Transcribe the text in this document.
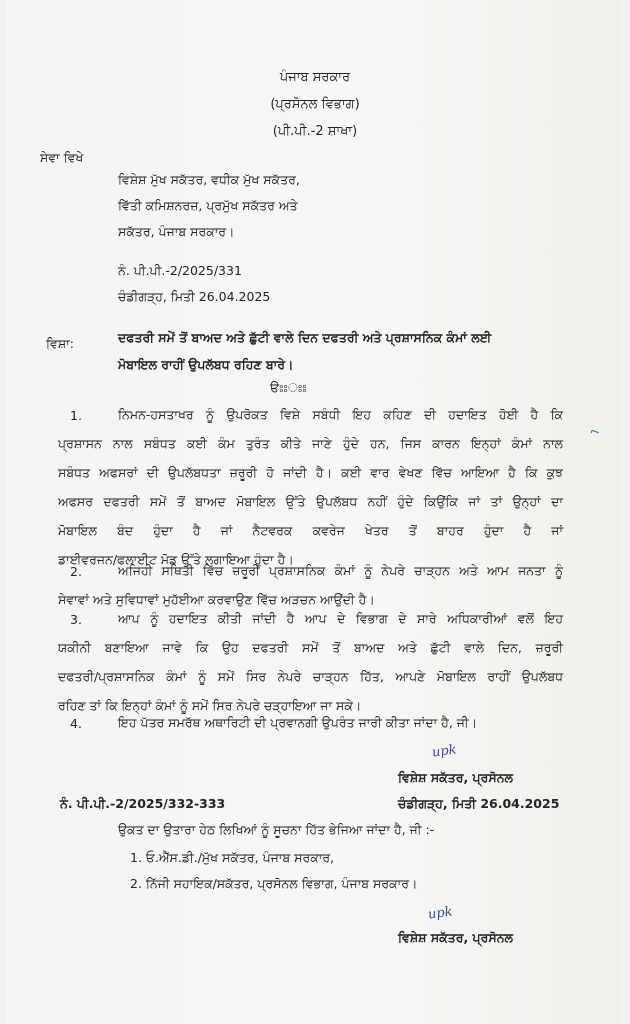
ਪੰਜਾਬ ਸਰਕਾਰ
(ਪ੍ਰਸੋਨਲ ਵਿਭਾਗ)
(ਪੀ.ਪੀ.-2 ਸ਼ਾਖਾ)
ਸੇਵਾ ਵਿਖੇ
ਵਿਸ਼ੇਸ਼ ਮੁੱਖ ਸਕੱਤਰ, ਵਧੀਕ ਮੁੱਖ ਸਕੱਤਰ,
ਵਿੱਤੀ ਕਮਿਸ਼ਨਰਜ਼, ਪ੍ਰਮੁੱਖ ਸਕੱਤਰ ਅਤੇ
ਸਕੱਤਰ, ਪੰਜਾਬ ਸਰਕਾਰ।
ਨੰ. ਪੀ.ਪੀ.-2/2025/331
ਚੰਡੀਗੜ੍ਹ, ਮਿਤੀ 26.04.2025
ਵਿਸ਼ਾ:	ਦਫਤਰੀ ਸਮੇਂ ਤੋਂ ਬਾਅਦ ਅਤੇ ਛੁੱਟੀ ਵਾਲੇ ਦਿਨ ਦਫਤਰੀ ਅਤੇ ਪ੍ਰਸ਼ਾਸਨਿਕ ਕੰਮਾਂ ਲਈ
ਮੋਬਾਇਲ ਰਾਹੀਂ ਉਪਲੱਬਧ ਰਹਿਣ ਬਾਰੇ।
ੳਃਃਃਃ
1.	ਨਿਮਨ-ਹਸਤਾਖਰ ਨੂੰ ਉਪਰੋਕਤ ਵਿਸ਼ੇ ਸਬੰਧੀ ਇਹ ਕਹਿਣ ਦੀ ਹਦਾਇਤ ਹੋਈ ਹੈ ਕਿ
ਪ੍ਰਸ਼ਾਸਨ ਨਾਲ ਸਬੰਧਤ ਕਈ ਕੰਮ ਤੁਰੰਤ ਕੀਤੇ ਜਾਣੇ ਹੁੰਦੇ ਹਨ, ਜਿਸ ਕਾਰਨ ਇਨ੍ਹਾਂ ਕੰਮਾਂ ਨਾਲ
ਸਬੰਧਤ ਅਫਸਰਾਂ ਦੀ ਉਪਲੱਬਧਤਾ ਜ਼ਰੂਰੀ ਹੋ ਜਾਂਦੀ ਹੈ। ਕਈ ਵਾਰ ਵੇਖਣ ਵਿੱਚ ਆਇਆ ਹੈ ਕਿ ਕੁਝ
ਅਫਸਰ ਦਫਤਰੀ ਸਮੇਂ ਤੋਂ ਬਾਅਦ ਮੋਬਾਇਲ ਉੱਤੇ ਉਪਲੱਬਧ ਨਹੀਂ ਹੁੰਦੇ ਕਿਉਂਕਿ ਜਾਂ ਤਾਂ ਉਨ੍ਹਾਂ ਦਾ
ਮੋਬਾਇਲ ਬੰਦ ਹੁੰਦਾ ਹੈ ਜਾਂ ਨੈਟਵਰਕ ਕਵਰੇਜ ਖੇਤਰ ਤੋਂ ਬਾਹਰ ਹੁੰਦਾ ਹੈ ਜਾਂ
ਡਾਈਵਰਜਨ/ਫਲਾਈਟ ਮੋਡ ਉੱਤੇ ਲਗਾਇਆ ਹੁੰਦਾ ਹੈ।
⌐
2.	ਅਜਿਹੀ ਸਥਿਤੀ ਵਿੱਚ ਜ਼ਰੂਰੀ ਪ੍ਰਸ਼ਾਸਨਿਕ ਕੰਮਾਂ ਨੂੰ ਨੇਪਰੇ ਚਾੜ੍ਹਨ ਅਤੇ ਆਮ ਜਨਤਾ ਨੂੰ
ਸੇਵਾਵਾਂ ਅਤੇ ਸੁਵਿਧਾਵਾਂ ਮੁਹੱਈਆ ਕਰਵਾਉਣ ਵਿੱਚ ਅੜਚਨ ਆਉਂਦੀ ਹੈ।
3.	ਆਪ ਨੂੰ ਹਦਾਇਤ ਕੀਤੀ ਜਾਂਦੀ ਹੈ ਆਪ ਦੇ ਵਿਭਾਗ ਦੇ ਸਾਰੇ ਅਧਿਕਾਰੀਆਂ ਵਲੋਂ ਇਹ
ਯਕੀਨੀ ਬਣਾਇਆ ਜਾਵੇ ਕਿ ਉਹ ਦਫਤਰੀ ਸਮੇਂ ਤੋਂ ਬਾਅਦ ਅਤੇ ਛੁੱਟੀ ਵਾਲੇ ਦਿਨ, ਜ਼ਰੂਰੀ
ਦਫਤਰੀ/ਪ੍ਰਸ਼ਾਸਨਿਕ ਕੰਮਾਂ ਨੂੰ ਸਮੇਂ ਸਿਰ ਨੇਪਰੇ ਚਾੜ੍ਹਨ ਹਿੱਤ, ਆਪਣੇ ਮੋਬਾਇਲ ਰਾਹੀਂ ਉਪਲੱਬਧ
ਰਹਿਣ ਤਾਂ ਕਿ ਇਨ੍ਹਾਂ ਕੰਮਾਂ ਨੂੰ ਸਮੇਂ ਸਿਰ ਨੇਪਰੇ ਚੜ੍ਹਾਇਆ ਜਾ ਸਕੇ।
4.	ਇਹ ਪੱਤਰ ਸਮਰੱਥ ਅਥਾਰਿਟੀ ਦੀ ਪ੍ਰਵਾਨਗੀ ਉਪਰੰਤ ਜਾਰੀ ਕੀਤਾ ਜਾਂਦਾ ਹੈ, ਜੀ।
upk
ਵਿਸ਼ੇਸ਼ ਸਕੱਤਰ, ਪ੍ਰਸੋਨਲ
ਚੰਡੀਗੜ੍ਹ, ਮਿਤੀ 26.04.2025
ਨੰ. ਪੀ.ਪੀ.-2/2025/332-333
ਉਕਤ ਦਾ ਉਤਾਰਾ ਹੇਠ ਲਿਖਿਆਂ ਨੂੰ ਸੂਚਨਾ ਹਿੱਤ ਭੇਜਿਆ ਜਾਂਦਾ ਹੈ, ਜੀ :-
1. ਓ.ਐੱਸ.ਡੀ./ਮੁੱਖ ਸਕੱਤਰ, ਪੰਜਾਬ ਸਰਕਾਰ,
2. ਨਿੱਜੀ ਸਹਾਇਕ/ਸਕੱਤਰ, ਪ੍ਰਸੋਨਲ ਵਿਭਾਗ, ਪੰਜਾਬ ਸਰਕਾਰ।
upk
ਵਿਸ਼ੇਸ਼ ਸਕੱਤਰ, ਪ੍ਰਸੋਨਲ
